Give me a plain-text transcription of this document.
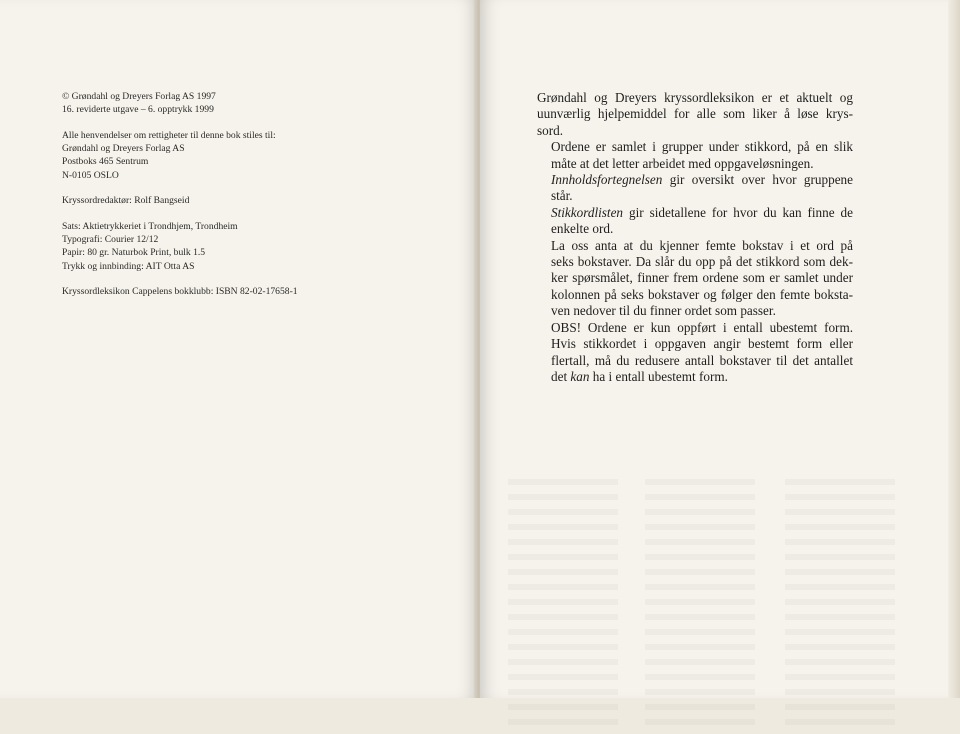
© Grøndahl og Dreyers Forlag AS 1997
16. reviderte utgave – 6. opptrykk 1999
Alle henvendelser om rettigheter til denne bok stiles til:
Grøndahl og Dreyers Forlag AS
Postboks 465 Sentrum
N-0105 OSLO
Kryssordredaktør: Rolf Bangseid
Sats: Aktietrykkeriet i Trondhjem, Trondheim
Typografi: Courier 12/12
Papir: 80 gr. Naturbok Print, bulk 1.5
Trykk og innbinding: AIT Otta AS
Kryssordleksikon Cappelens bokklubb: ISBN 82-02-17658-1

Grøndahl og Dreyers kryssordleksikon er et aktuelt og
uunværlig hjelpemiddel for alle som liker å løse krys-
sord.

Ordene er samlet i grupper under stikkord, på en slik
måte at det letter arbeidet med oppgaveløsningen.

Innholdsfortegnelsen gir oversikt over hvor gruppene
står.

Stikkordlisten gir sidetallene for hvor du kan finne de
enkelte ord.

La oss anta at du kjenner femte bokstav i et ord på
seks bokstaver. Da slår du opp på det stikkord som dek-
ker spørsmålet, finner frem ordene som er samlet under
kolonnen på seks bokstaver og følger den femte boksta-
ven nedover til du finner ordet som passer.

OBS! Ordene er kun oppført i entall ubestemt form.
Hvis stikkordet i oppgaven angir bestemt form eller
flertall, må du redusere antall bokstaver til det antallet
det kan ha i entall ubestemt form.
